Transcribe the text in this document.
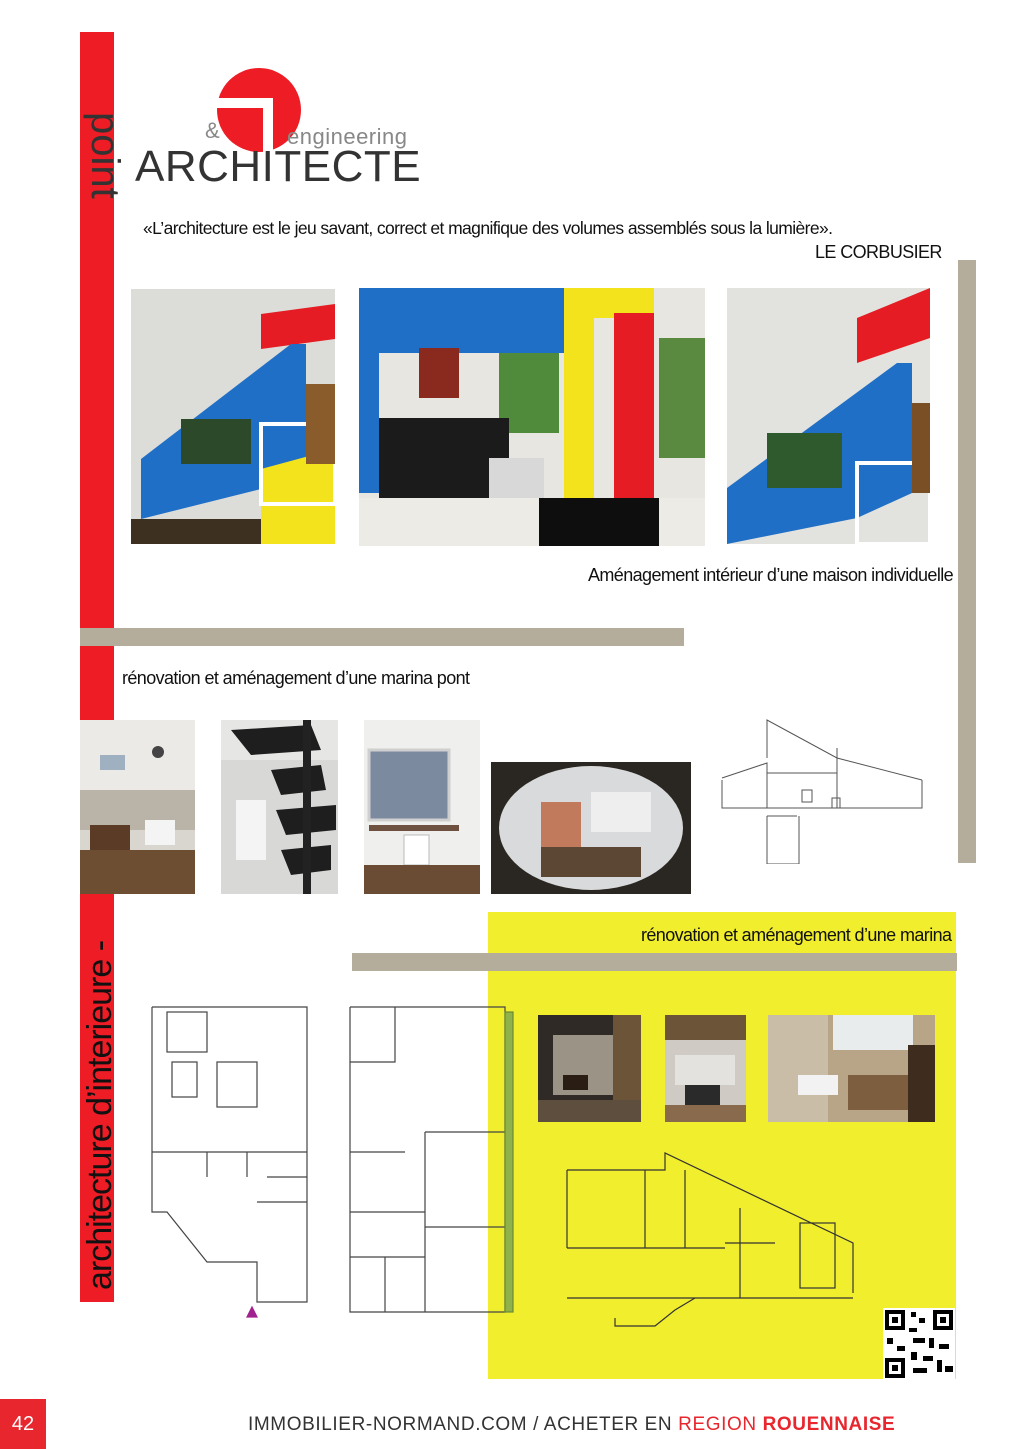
point	&	engineering
ARCHITECTE
«L’architecture est le jeu savant, correct et magnifique des volumes assemblés sous la lumière».
LE CORBUSIER
Aménagement intérieur d’une maison individuelle
rénovation et aménagement d’une marina pont
rénovation et aménagement d’une marina
architecture d’interieure -
42	IMMOBILIER-NORMAND.COM / ACHETER EN REGION ROUENNAISE
